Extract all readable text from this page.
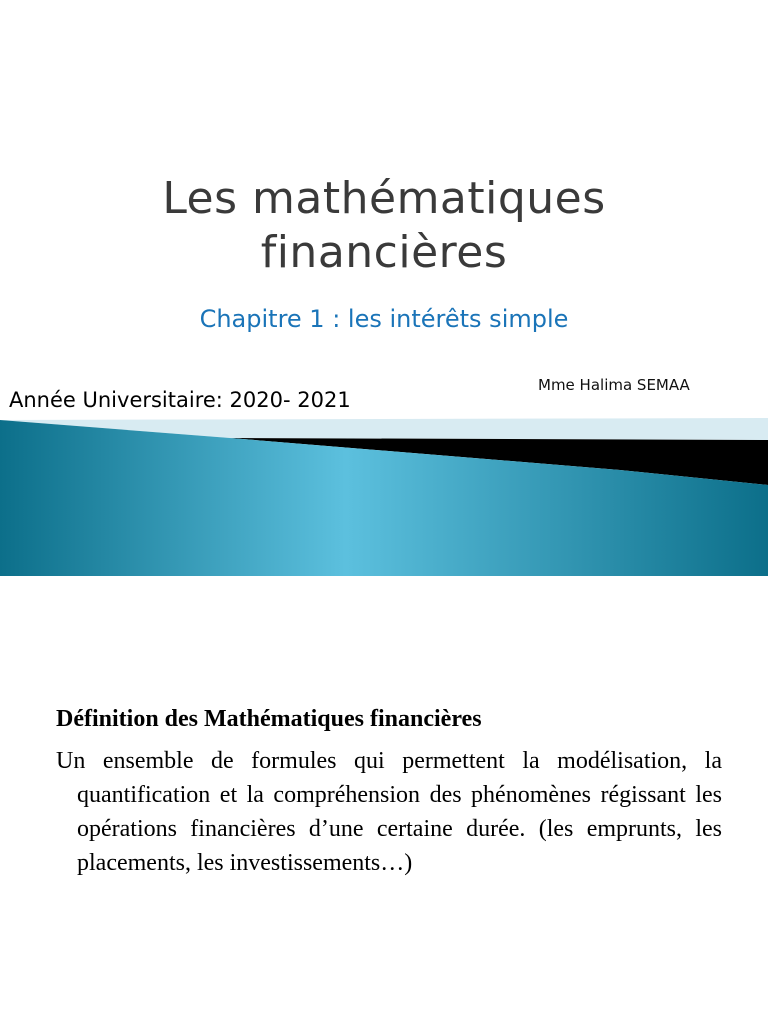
Les mathématiques
financières
Chapitre 1 : les intérêts simple
Mme Halima SEMAA
Année Universitaire: 2020- 2021
Définition des Mathématiques financières
Un ensemble de formules qui permettent la modélisation, la quantification et la compréhension des phénomènes régissant les opérations financières d’une certaine durée. (les emprunts, les placements, les investissements…)
